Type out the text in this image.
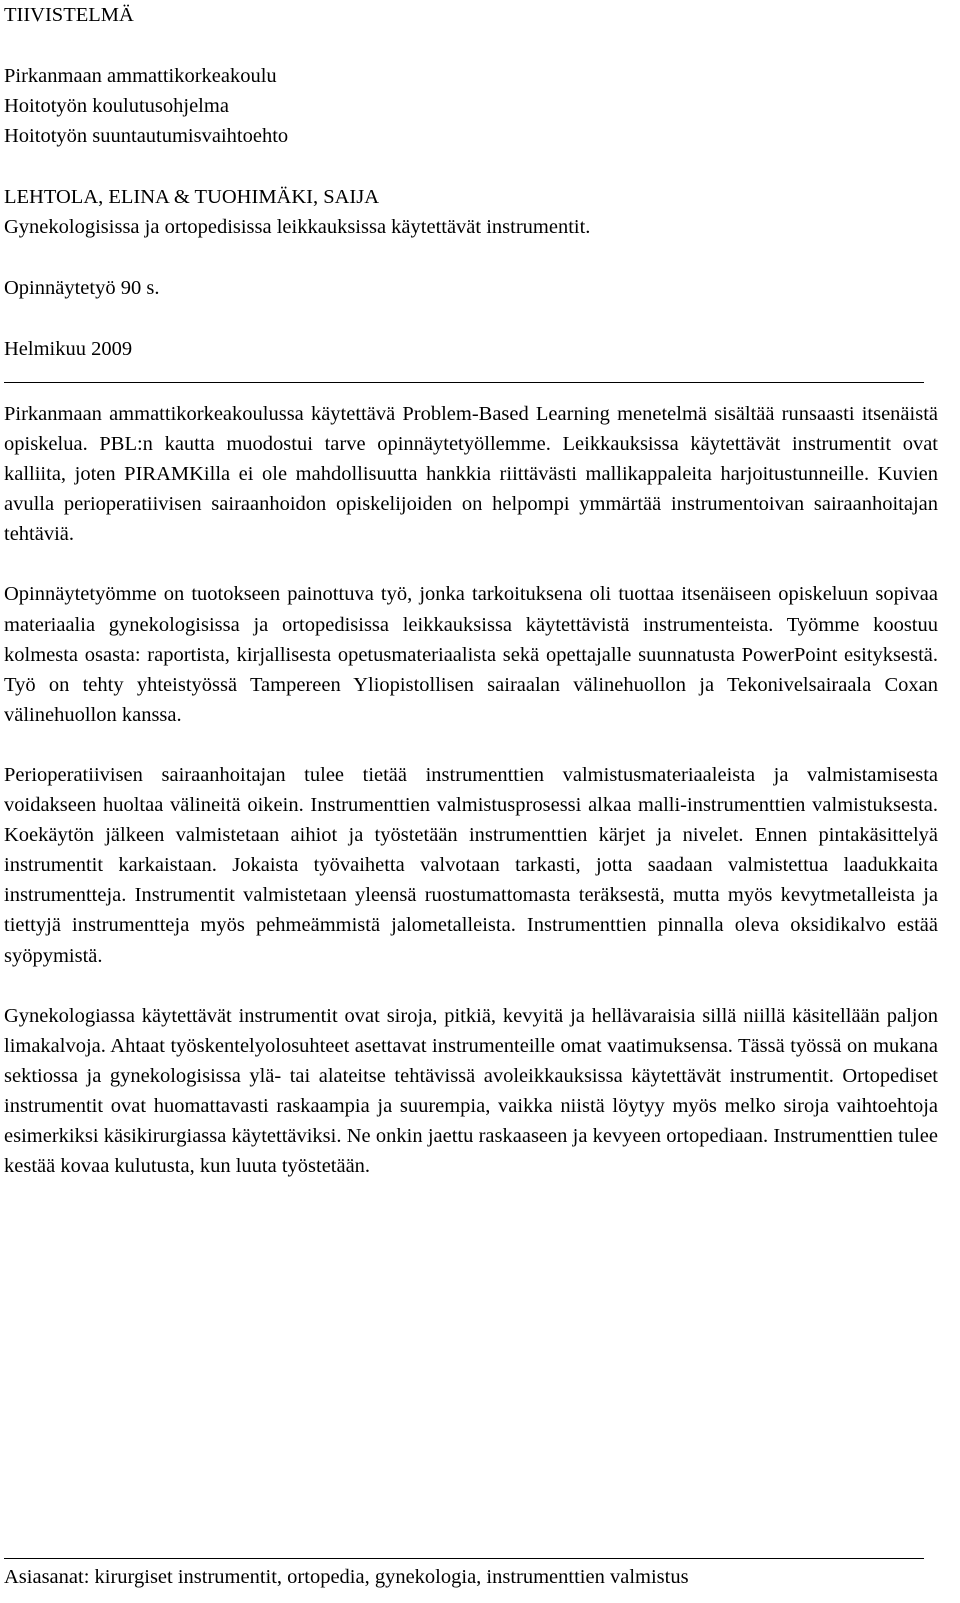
TIIVISTELMÄ
Pirkanmaan ammattikorkeakoulu
Hoitotyön koulutusohjelma
Hoitotyön suuntautumisvaihtoehto
LEHTOLA, ELINA & TUOHIMÄKI, SAIJA
Gynekologisissa ja ortopedisissa leikkauksissa käytettävät instrumentit.
Opinnäytetyö 90 s.
Helmikuu 2009

Pirkanmaan ammattikorkeakoulussa käytettävä Problem-Based Learning menetelmä sisältää runsaasti itsenäistä opiskelua. PBL:n kautta muodostui tarve opinnäytetyöllemme. Leikkauksissa käytettävät instrumentit ovat kalliita, joten PIRAMKilla ei ole mahdollisuutta hankkia riittävästi mallikappaleita harjoitustunneille. Kuvien avulla perioperatiivisen sairaanhoidon opiskelijoiden on helpompi ymmärtää instrumentoivan sairaanhoitajan tehtäviä.

Opinnäytetyömme on tuotokseen painottuva työ, jonka tarkoituksena oli tuottaa itsenäiseen opiskeluun sopivaa materiaalia gynekologisissa ja ortopedisissa leikkauksissa käytettävistä instrumenteista. Työmme koostuu kolmesta osasta: raportista, kirjallisesta opetusmateriaalista sekä opettajalle suunnatusta PowerPoint esityksestä. Työ on tehty yhteistyössä Tampereen Yliopistollisen sairaalan välinehuollon ja Tekonivelsairaala Coxan välinehuollon kanssa.

Perioperatiivisen sairaanhoitajan tulee tietää instrumenttien valmistusmateriaaleista ja valmistamisesta voidakseen huoltaa välineitä oikein. Instrumenttien valmistusprosessi alkaa malli-instrumenttien valmistuksesta. Koekäytön jälkeen valmistetaan aihiot ja työstetään instrumenttien kärjet ja nivelet. Ennen pintakäsittelyä instrumentit karkaistaan. Jokaista työvaihetta valvotaan tarkasti, jotta saadaan valmistettua laadukkaita instrumentteja. Instrumentit valmistetaan yleensä ruostumattomasta teräksestä, mutta myös kevytmetalleista ja tiettyjä instrumentteja myös pehmeämmistä jalometalleista. Instrumenttien pinnalla oleva oksidikalvo estää syöpymistä.

Gynekologiassa käytettävät instrumentit ovat siroja, pitkiä, kevyitä ja hellävaraisia sillä niillä käsitellään paljon limakalvoja. Ahtaat työskentelyolosuhteet asettavat instrumenteille omat vaatimuksensa. Tässä työssä on mukana sektiossa ja gynekologisissa ylä- tai alateitse tehtävissä avoleikkauksissa käytettävät instrumentit. Ortopediset instrumentit ovat huomattavasti raskaampia ja suurempia, vaikka niistä löytyy myös melko siroja vaihtoehtoja esimerkiksi käsikirurgiassa käytettäviksi. Ne onkin jaettu raskaaseen ja kevyeen ortopediaan. Instrumenttien tulee kestää kovaa kulutusta, kun luuta työstetään.

Asiasanat: kirurgiset instrumentit, ortopedia, gynekologia, instrumenttien valmistus
